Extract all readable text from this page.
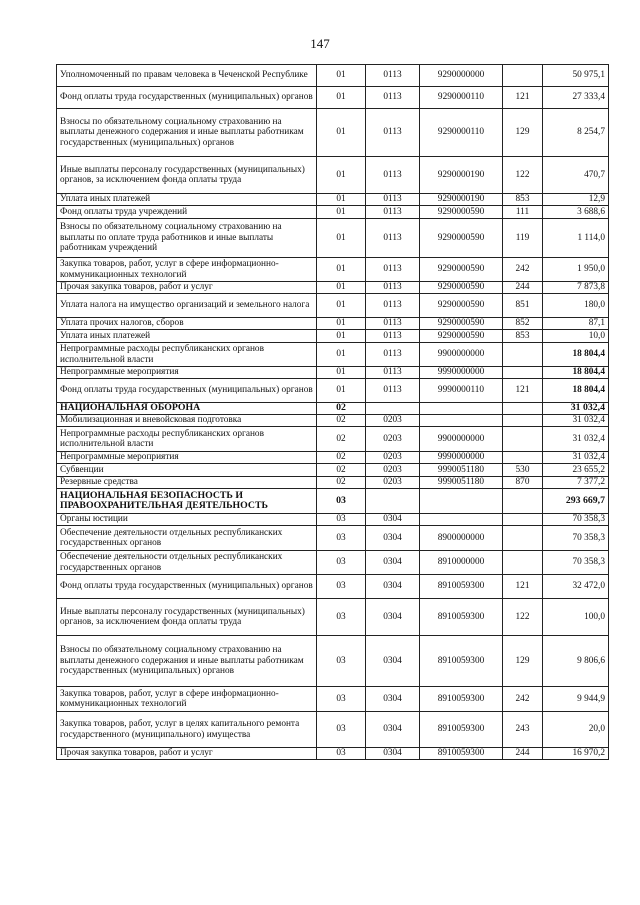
147
Уполномоченный по правам человека в Чеченской Республике	01	0113	9290000000		50 975,1
Фонд оплаты труда государственных (муниципальных) органов	01	0113	9290000110	121	27 333,4
Взносы по обязательному социальному страхованию на выплаты денежного содержания и иные выплаты работникам государственных (муниципальных) органов	01	0113	9290000110	129	8 254,7
Иные выплаты персоналу государственных (муниципальных) органов, за исключением фонда оплаты труда	01	0113	9290000190	122	470,7
Уплата иных платежей	01	0113	9290000190	853	12,9
Фонд оплаты труда учреждений	01	0113	9290000590	111	3 688,6
Взносы по обязательному социальному страхованию на выплаты по оплате труда работников и иные выплаты работникам учреждений	01	0113	9290000590	119	1 114,0
Закупка товаров, работ, услуг в сфере информационно-коммуникационных технологий	01	0113	9290000590	242	1 950,0
Прочая закупка товаров, работ и услуг	01	0113	9290000590	244	7 873,8
Уплата налога на имущество организаций и земельного налога	01	0113	9290000590	851	180,0
Уплата прочих налогов, сборов	01	0113	9290000590	852	87,1
Уплата иных платежей	01	0113	9290000590	853	10,0
Непрограммные расходы республиканских органов исполнительной власти	01	0113	9900000000		18 804,4
Непрограммные мероприятия	01	0113	9990000000		18 804,4
Фонд оплаты труда государственных (муниципальных) органов	01	0113	9990000110	121	18 804,4
НАЦИОНАЛЬНАЯ ОБОРОНА	02				31 032,4
Мобилизационная и вневойсковая подготовка	02	0203			31 032,4
Непрограммные расходы республиканских органов исполнительной власти	02	0203	9900000000		31 032,4
Непрограммные мероприятия	02	0203	9990000000		31 032,4
Субвенции	02	0203	9990051180	530	23 655,2
Резервные средства	02	0203	9990051180	870	7 377,2
НАЦИОНАЛЬНАЯ БЕЗОПАСНОСТЬ И ПРАВООХРАНИТЕЛЬНАЯ ДЕЯТЕЛЬНОСТЬ	03				293 669,7
Органы юстиции	03	0304			70 358,3
Обеспечение деятельности отдельных республиканских государственных органов	03	0304	8900000000		70 358,3
Обеспечение деятельности отдельных республиканских государственных органов	03	0304	8910000000		70 358,3
Фонд оплаты труда государственных (муниципальных) органов	03	0304	8910059300	121	32 472,0
Иные выплаты персоналу государственных (муниципальных) органов, за исключением фонда оплаты труда	03	0304	8910059300	122	100,0
Взносы по обязательному социальному страхованию на выплаты денежного содержания и иные выплаты работникам государственных (муниципальных) органов	03	0304	8910059300	129	9 806,6
Закупка товаров, работ, услуг в сфере информационно-коммуникационных технологий	03	0304	8910059300	242	9 944,9
Закупка товаров, работ, услуг в целях капитального ремонта государственного (муниципального) имущества	03	0304	8910059300	243	20,0
Прочая закупка товаров, работ и услуг	03	0304	8910059300	244	16 970,2
